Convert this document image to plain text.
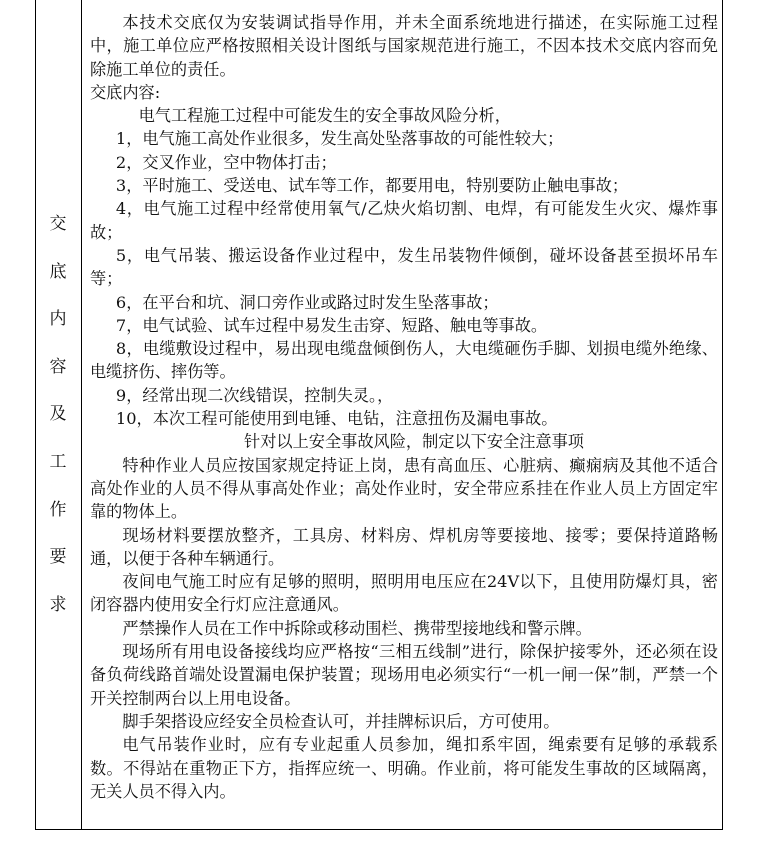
交
底
内
容
及
工
作
要
求

本技术交底仅为安装调试指导作用，并未全面系统地进行描述，在实际施工过程中，施工单位应严格按照相关设计图纸与国家规范进行施工，不因本技术交底内容而免除施工单位的责任。

交底内容:

电气工程施工过程中可能发生的安全事故风险分析，

1，电气施工高处作业很多，发生高处坠落事故的可能性较大；

2，交叉作业，空中物体打击；

3，平时施工、受送电、试车等工作，都要用电，特别要防止触电事故；

4，电气施工过程中经常使用氧气/乙炔火焰切割、电焊，有可能发生火灾、爆炸事故；

5，电气吊装、搬运设备作业过程中，发生吊装物件倾倒，碰坏设备甚至损坏吊车等；

6，在平台和坑、洞口旁作业或路过时发生坠落事故；

7，电气试验、试车过程中易发生击穿、短路、触电等事故。

8，电缆敷设过程中，易出现电缆盘倾倒伤人，大电缆砸伤手脚、划损电缆外绝缘、电缆挤伤、摔伤等。

9，经常出现二次线错误，控制失灵。，

10，本次工程可能使用到电锤、电钻，注意扭伤及漏电事故。

针对以上安全事故风险，制定以下安全注意事项

特种作业人员应按国家规定持证上岗，患有高血压、心脏病、癫痫病及其他不适合高处作业的人员不得从事高处作业；高处作业时，安全带应系挂在作业人员上方固定牢靠的物体上。

现场材料要摆放整齐，工具房、材料房、焊机房等要接地、接零；要保持道路畅通，以便于各种车辆通行。

夜间电气施工时应有足够的照明，照明用电压应在24V以下，且使用防爆灯具，密闭容器内使用安全行灯应注意通风。

严禁操作人员在工作中拆除或移动围栏、携带型接地线和警示牌。

现场所有用电设备接线均应严格按“三相五线制”进行，除保护接零外，还必须在设备负荷线路首端处设置漏电保护装置；现场用电必须实行“一机一闸一保”制，严禁一个开关控制两台以上用电设备。

脚手架搭设应经安全员检查认可，并挂牌标识后，方可使用。

电气吊装作业时，应有专业起重人员参加，绳扣系牢固，绳索要有足够的承载系数。不得站在重物正下方，指挥应统一、明确。作业前，将可能发生事故的区域隔离，无关人员不得入内。
